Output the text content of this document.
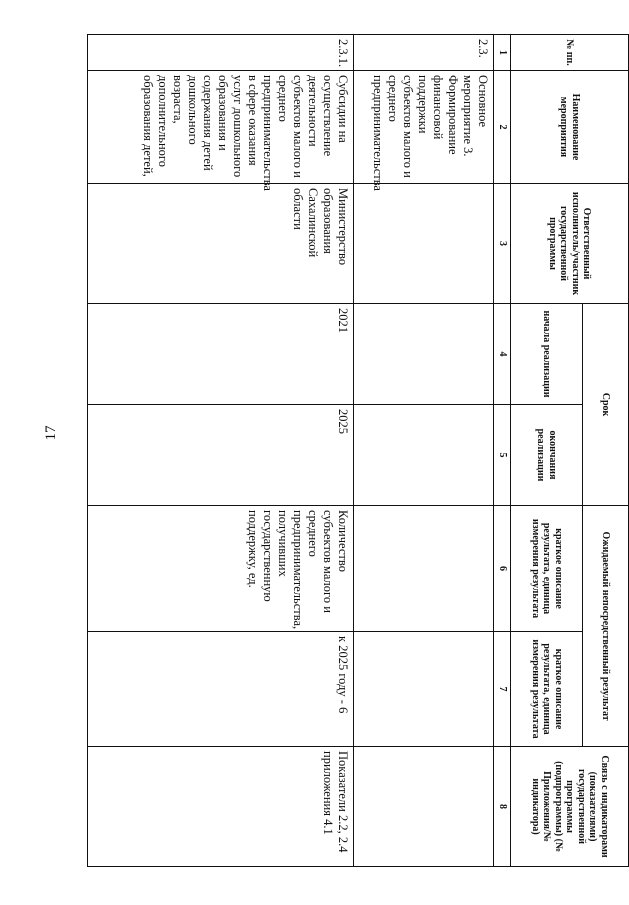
17
№ пп.	Наименование мероприятия	Ответственный исполнитель/участник государственной программы	Срок		Ожидаемый непосредственный результат		Связь с индикаторами (показателями) государственной программы (подпрограммы) (№ Приложения/№ индикатора)
			начала реализации	окончания реализации	краткое описание результата, единица измерения результата	краткое описание результата, единица измерения результата	
1	2	3	4	5	6	7	8
2.3.	Основное мероприятие 3. Формирование финансовой поддержки субъектов малого и среднего предпринимательства						
2.3.1.	Субсидии на осуществление деятельности субъектов малого и среднего предпринимательства в сфере оказания услуг дошкольного образования и содержания детей дошкольного возраста, дополнительного образования детей,	Министерство образования Сахалинской области	2021	2025	Количество субъектов малого и среднего предпринимательства, получивших государственную поддержку, ед.	к 2025 году - 6	Показатели 2.2, 2.4 приложения 4.1
